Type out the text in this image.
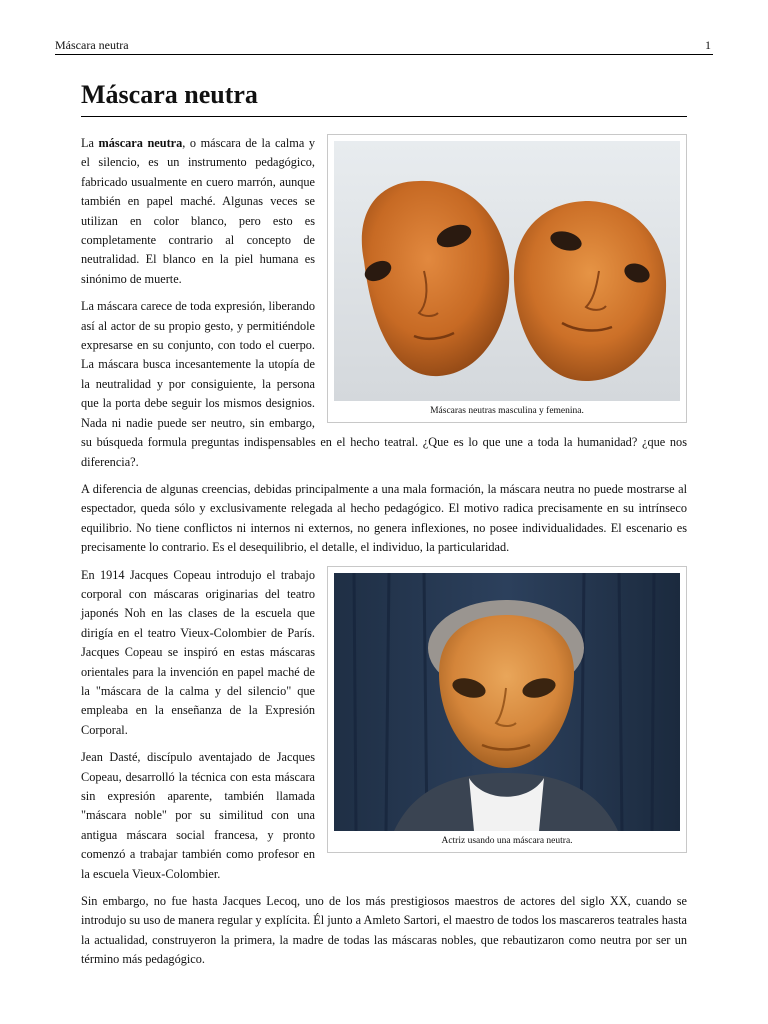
Máscara neutra	1
Máscara neutra
Máscaras neutras masculina y femenina.

La máscara neutra, o máscara de la calma y el silencio, es un instrumento pedagógico, fabricado usualmente en cuero marrón, aunque también en papel maché. Algunas veces se utilizan en color blanco, pero esto es completamente contrario al concepto de neutralidad. El blanco en la piel humana es sinónimo de muerte.

La máscara carece de toda expresión, liberando así al actor de su propio gesto, y permitiéndole expresarse en su conjunto, con todo el cuerpo. La máscara busca incesantemente la utopía de la neutralidad y por consiguiente, la persona que la porta debe seguir los mismos designios. Nada ni nadie puede ser neutro, sin embargo, su búsqueda formula preguntas indispensables en el hecho teatral. ¿Que es lo que une a toda la humanidad? ¿que nos diferencia?.

A diferencia de algunas creencias, debidas principalmente a una mala formación, la máscara neutra no puede mostrarse al espectador, queda sólo y exclusivamente relegada al hecho pedagógico. El motivo radica precisamente en su intrínseco equilibrio. No tiene conflictos ni internos ni externos, no genera inflexiones, no posee individualidades. El escenario es precisamente lo contrario. Es el desequilibrio, el detalle, el individuo, la particularidad.

Actriz usando una máscara neutra.

En 1914 Jacques Copeau introdujo el trabajo corporal con máscaras originarias del teatro japonés Noh en las clases de la escuela que dirigía en el teatro Vieux-Colombier de París. Jacques Copeau se inspiró en estas máscaras orientales para la invención en papel maché de la "máscara de la calma y del silencio" que empleaba en la enseñanza de la Expresión Corporal.

Jean Dasté, discípulo aventajado de Jacques Copeau, desarrolló la técnica con esta máscara sin expresión aparente, también llamada "máscara noble" por su similitud con una antigua máscara social francesa, y pronto comenzó a trabajar también como profesor en la escuela Vieux-Colombier.

Sin embargo, no fue hasta Jacques Lecoq, uno de los más prestigiosos maestros de actores del siglo XX, cuando se introdujo su uso de manera regular y explícita. Él junto a Amleto Sartori, el maestro de todos los mascareros teatrales hasta la actualidad, construyeron la primera, la madre de todas las máscaras nobles, que rebautizaron como neutra por ser un término más pedagógico.
